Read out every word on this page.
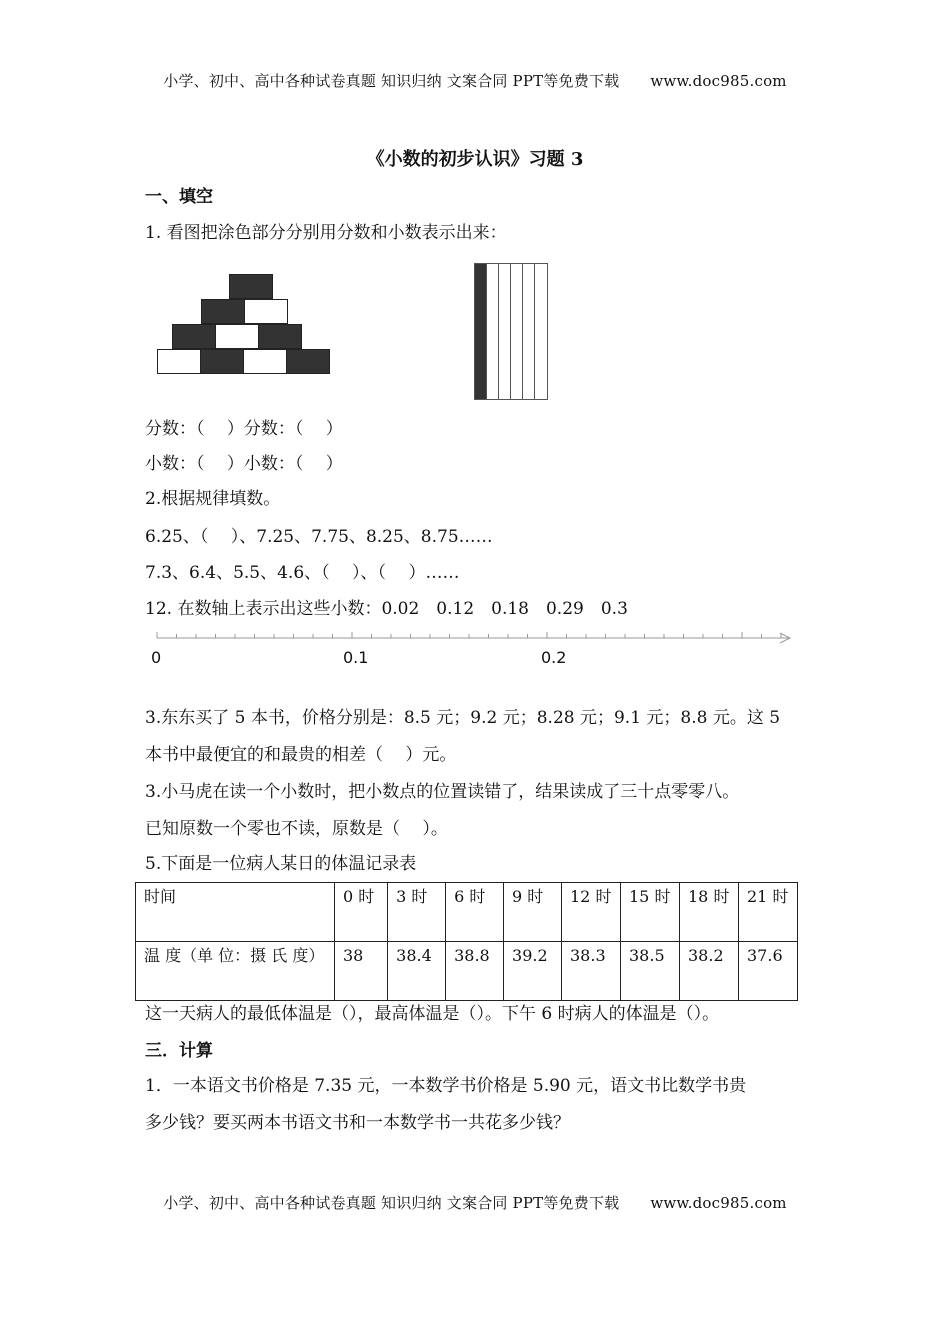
小学、初中、高中各种试卷真题 知识归纳 文案合同 PPT等免费下载 www.doc985.com
《小数的初步认识》习题 3
一、填空
1. 看图把涂色部分分别用分数和小数表示出来：
分数：（　 ）分数：（　 ）
小数：（　 ）小数：（　 ）
2.根据规律填数。
6.25、（　 ）、7.25、7.75、8.25、8.75……
7.3、6.4、5.5、4.6、（　 ）、（　 ）……
12. 在数轴上表示出这些小数：0.02　0.12　0.18　0.29　0.3
0	0.1	0.2
3.东东买了 5 本书，价格分别是：8.5 元；9.2 元；8.28 元；9.1 元；8.8 元。这 5
本书中最便宜的和最贵的相差（　 ）元。
3.小马虎在读一个小数时，把小数点的位置读错了，结果读成了三十点零零八。
已知原数一个零也不读，原数是（　 ）。
5.下面是一位病人某日的体温记录表
时间	0 时	3 时	6 时	9 时	12 时	15 时	18 时	21 时
温 度（单 位：摄 氏 度）	38	38.4	38.8	39.2	38.3	38.5	38.2	37.6
这一天病人的最低体温是（），最高体温是（）。下午 6 时病人的体温是（）。
三．计算
1．一本语文书价格是 7.35 元，一本数学书价格是 5.90 元，语文书比数学书贵
多少钱？要买两本书语文书和一本数学书一共花多少钱？
小学、初中、高中各种试卷真题 知识归纳 文案合同 PPT等免费下载 www.doc985.com
